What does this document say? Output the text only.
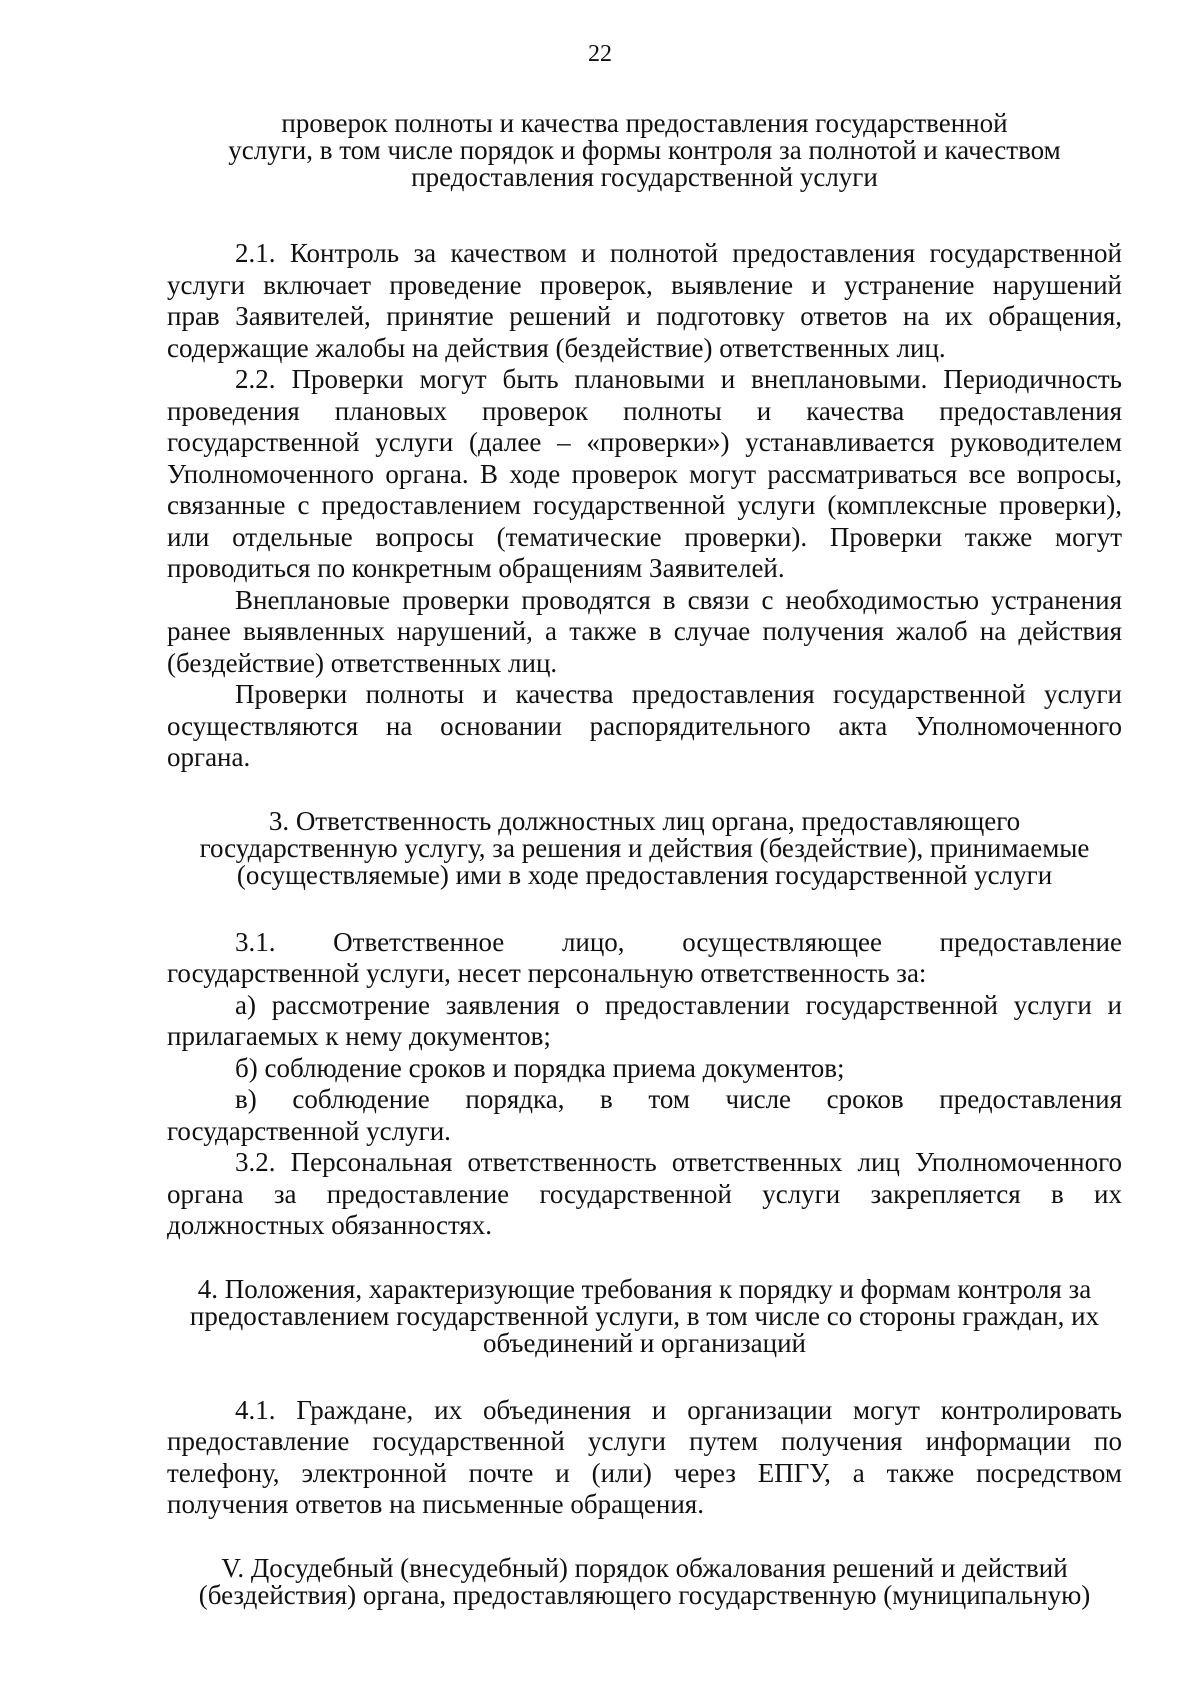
22
проверок полноты и качества предоставления государственной
услуги, в том числе порядок и формы контроля за полнотой и качеством
предоставления государственной услуги
2.1. Контроль за качеством и полнотой предоставления государственной
услуги включает проведение проверок, выявление и устранение нарушений
прав Заявителей, принятие решений и подготовку ответов на их обращения,
содержащие жалобы на действия (бездействие) ответственных лиц.
2.2. Проверки могут быть плановыми и внеплановыми. Периодичность
проведения плановых проверок полноты и качества предоставления
государственной услуги (далее – «проверки») устанавливается руководителем
Уполномоченного органа. В ходе проверок могут рассматриваться все вопросы,
связанные с предоставлением государственной услуги (комплексные проверки),
или отдельные вопросы (тематические проверки). Проверки также могут
проводиться по конкретным обращениям Заявителей.
Внеплановые проверки проводятся в связи с необходимостью устранения
ранее выявленных нарушений, а также в случае получения жалоб на действия
(бездействие) ответственных лиц.
Проверки полноты и качества предоставления государственной услуги
осуществляются на основании распорядительного акта Уполномоченного
органа.
3. Ответственность должностных лиц органа, предоставляющего
государственную услугу, за решения и действия (бездействие), принимаемые
(осуществляемые) ими в ходе предоставления государственной услуги
3.1. Ответственное лицо, осуществляющее предоставление
государственной услуги, несет персональную ответственность за:
а) рассмотрение заявления о предоставлении государственной услуги и
прилагаемых к нему документов;
б) соблюдение сроков и порядка приема документов;
в) соблюдение порядка, в том числе сроков предоставления
государственной услуги.
3.2. Персональная ответственность ответственных лиц Уполномоченного
органа за предоставление государственной услуги закрепляется в их
должностных обязанностях.
4. Положения, характеризующие требования к порядку и формам контроля за
предоставлением государственной услуги, в том числе со стороны граждан, их
объединений и организаций
4.1. Граждане, их объединения и организации могут контролировать
предоставление государственной услуги путем получения информации по
телефону, электронной почте и (или) через ЕПГУ, а также посредством
получения ответов на письменные обращения.
V. Досудебный (внесудебный) порядок обжалования решений и действий
(бездействия) органа, предоставляющего государственную (муниципальную)
